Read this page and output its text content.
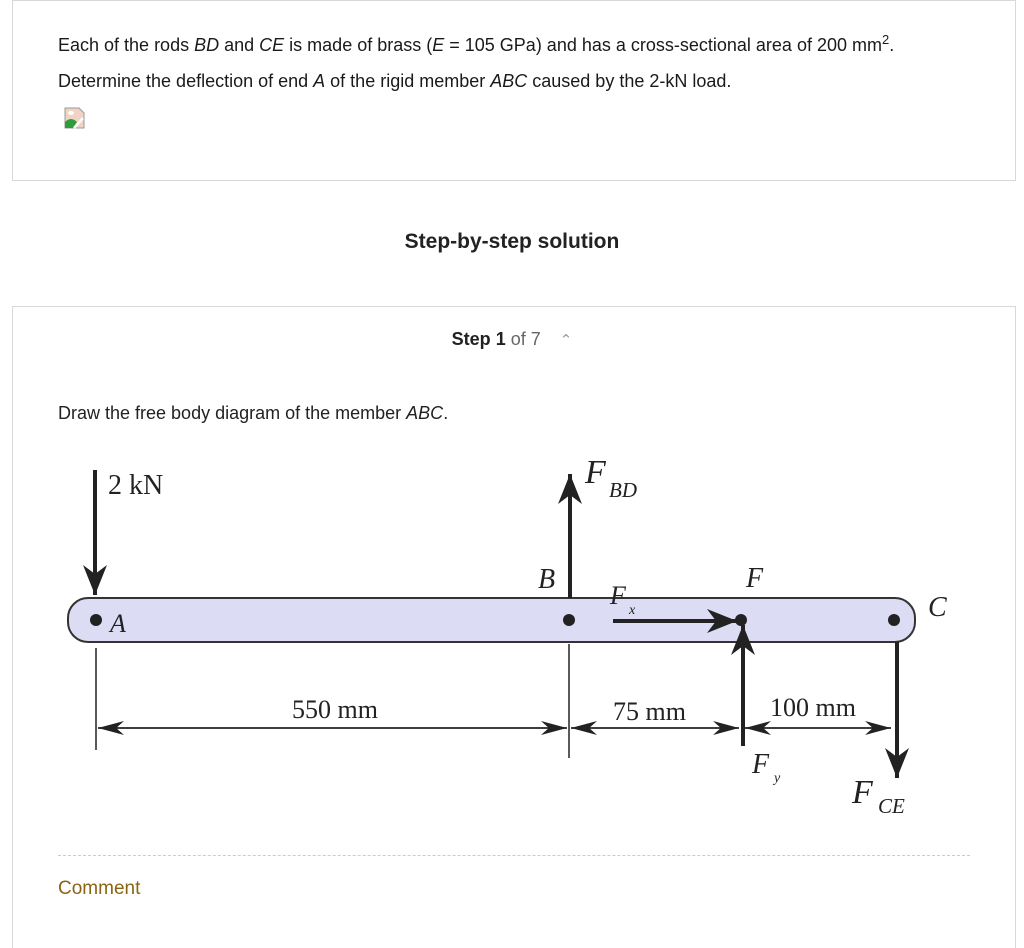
Each of the rods BD and CE is made of brass (E = 105 GPa) and has a cross-sectional area of 200 $mm^2$. Determine the deflection of end A of the rigid member ABC caused by the 2-kN load.
Step-by-step solution
Step 1 of 7 ⌃
Draw the free body diagram of the member ABC.
2 kN
A
B
C
F
F BD
F
x
F y F CE
550 mm	75 mm	100 mm
Comment
